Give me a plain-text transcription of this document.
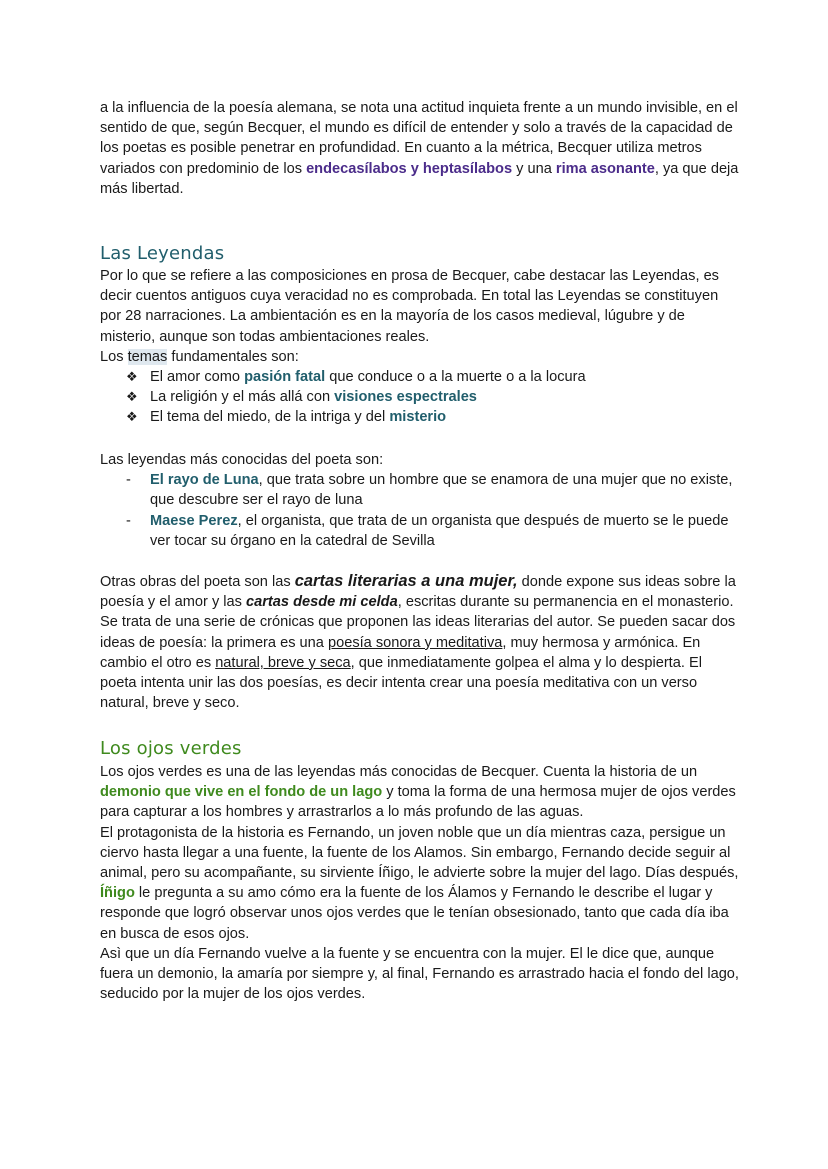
a la influencia de la poesía alemana, se nota una actitud inquieta frente a un mundo invisible, en el sentido de que, según Becquer, el mundo es difícil de entender y solo a través de la capacidad de los poetas es posible penetrar en profundidad. En cuanto a la métrica, Becquer utiliza metros variados con predominio de los endecasílabos y heptasílabos y una rima asonante, ya que deja más libertad.

Las Leyendas

Por lo que se refiere a las composiciones en prosa de Becquer, cabe destacar las Leyendas, es decir cuentos antiguos cuya veracidad no es comprobada. En total las Leyendas se constituyen por 28 narraciones. La ambientación es en la mayoría de los casos medieval, lúgubre y de misterio, aunque son todas ambientaciones reales.

Los temas fundamentales son:

❖ El amor como pasión fatal que conduce o a la muerte o a la locura
❖ La religión y el más allá con visiones espectrales
❖ El tema del miedo, de la intriga y del misterio

Las leyendas más conocidas del poeta son:

- El rayo de Luna, que trata sobre un hombre que se enamora de una mujer que no existe, que descubre ser el rayo de luna
- Maese Perez, el organista, que trata de un organista que después de muerto se le puede ver tocar su órgano en la catedral de Sevilla

Otras obras del poeta son las cartas literarias a una mujer, donde expone sus ideas sobre la poesía y el amor y las cartas desde mi celda, escritas durante su permanencia en el monasterio. Se trata de una serie de crónicas que proponen las ideas literarias del autor. Se pueden sacar dos ideas de poesía: la primera es una poesía sonora y meditativa, muy hermosa y armónica. En cambio el otro es natural, breve y seca, que inmediatamente golpea el alma y lo despierta. El poeta intenta unir las dos poesías, es decir intenta crear una poesía meditativa con un verso natural, breve y seco.

Los ojos verdes

Los ojos verdes es una de las leyendas más conocidas de Becquer. Cuenta la historia de un demonio que vive en el fondo de un lago y toma la forma de una hermosa mujer de ojos verdes para capturar a los hombres y arrastrarlos a lo más profundo de las aguas.

El protagonista de la historia es Fernando, un joven noble que un día mientras caza, persigue un ciervo hasta llegar a una fuente, la fuente de los Alamos. Sin embargo, Fernando decide seguir al animal, pero su acompañante, su sirviente Íñigo, le advierte sobre la mujer del lago. Días después, Íñigo le pregunta a su amo cómo era la fuente de los Álamos y Fernando le describe el lugar y responde que logró observar unos ojos verdes que le tenían obsesionado, tanto que cada día iba en busca de esos ojos.

Asì que un día Fernando vuelve a la fuente y se encuentra con la mujer. El le dice que, aunque fuera un demonio, la amaría por siempre y, al final, Fernando es arrastrado hacia el fondo del lago, seducido por la mujer de los ojos verdes.
